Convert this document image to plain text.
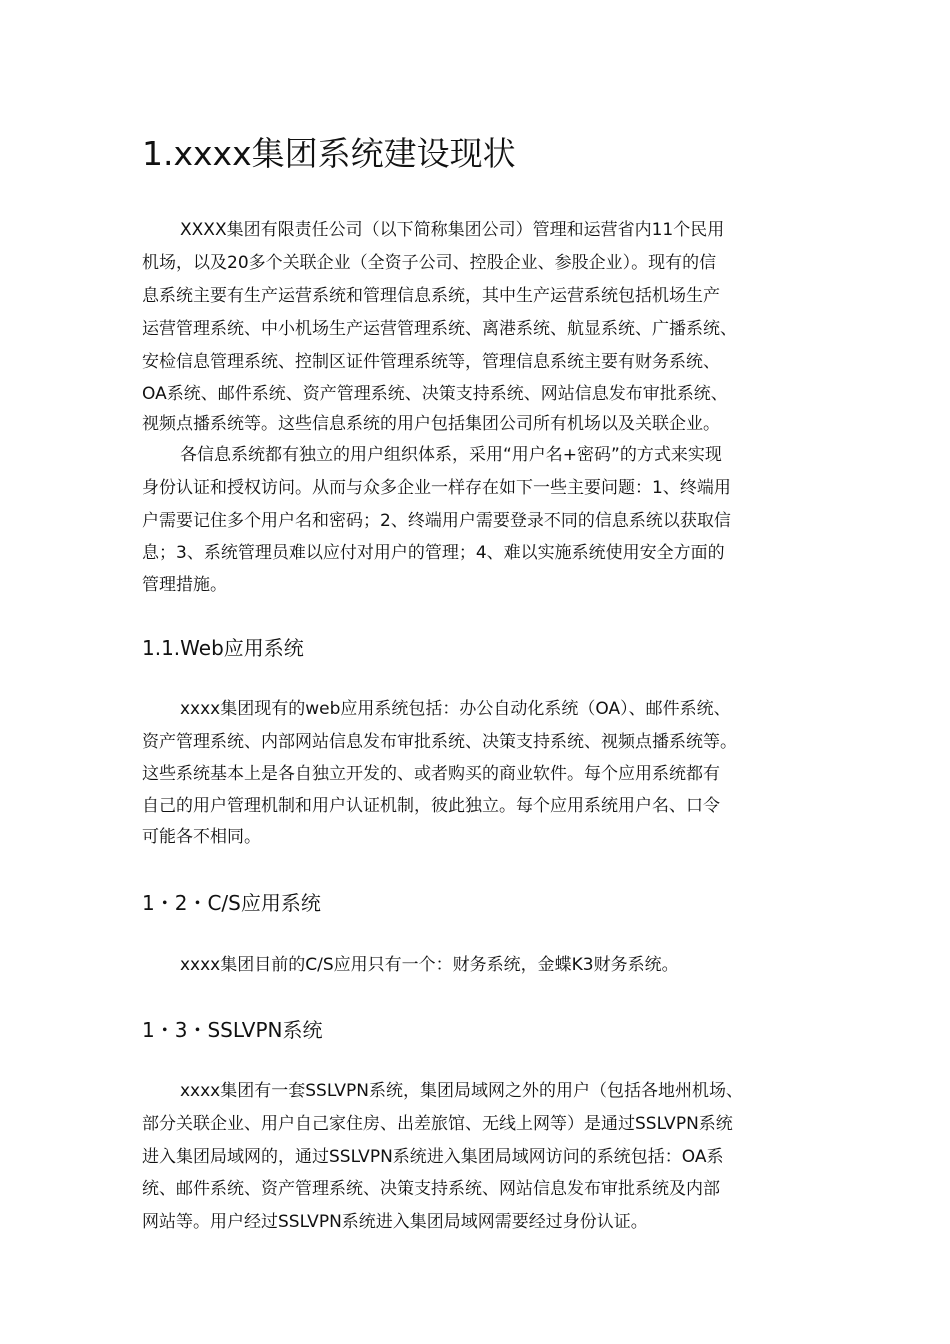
1.xxxx集团系统建设现状

XXXX集团有限责任公司（以下简称集团公司）管理和运营省内11个民用

机场，以及20多个关联企业（全资子公司、控股企业、参股企业）。现有的信

息系统主要有生产运营系统和管理信息系统，其中生产运营系统包括机场生产

运营管理系统、中小机场生产运营管理系统、离港系统、航显系统、广播系统、

安检信息管理系统、控制区证件管理系统等，管理信息系统主要有财务系统、

OA系统、邮件系统、资产管理系统、决策支持系统、网站信息发布审批系统、

视频点播系统等。这些信息系统的用户包括集团公司所有机场以及关联企业。

各信息系统都有独立的用户组织体系，采用“用户名+密码”的方式来实现

身份认证和授权访问。从而与众多企业一样存在如下一些主要问题：1、终端用

户需要记住多个用户名和密码；2、终端用户需要登录不同的信息系统以获取信

息；3、系统管理员难以应付对用户的管理；4、难以实施系统使用安全方面的

管理措施。

1.1.Web应用系统

xxxx集团现有的web应用系统包括：办公自动化系统（OA）、邮件系统、

资产管理系统、内部网站信息发布审批系统、决策支持系统、视频点播系统等。

这些系统基本上是各自独立开发的、或者购买的商业软件。每个应用系统都有

自己的用户管理机制和用户认证机制，彼此独立。每个应用系统用户名、口令

可能各不相同。

1・2・C/S应用系统

xxxx集团目前的C/S应用只有一个：财务系统，金蝶K3财务系统。

1・3・SSLVPN系统

xxxx集团有一套SSLVPN系统，集团局域网之外的用户（包括各地州机场、

部分关联企业、用户自己家住房、出差旅馆、无线上网等）是通过SSLVPN系统

进入集团局域网的，通过SSLVPN系统进入集团局域网访问的系统包括：OA系

统、邮件系统、资产管理系统、决策支持系统、网站信息发布审批系统及内部

网站等。用户经过SSLVPN系统进入集团局域网需要经过身份认证。
